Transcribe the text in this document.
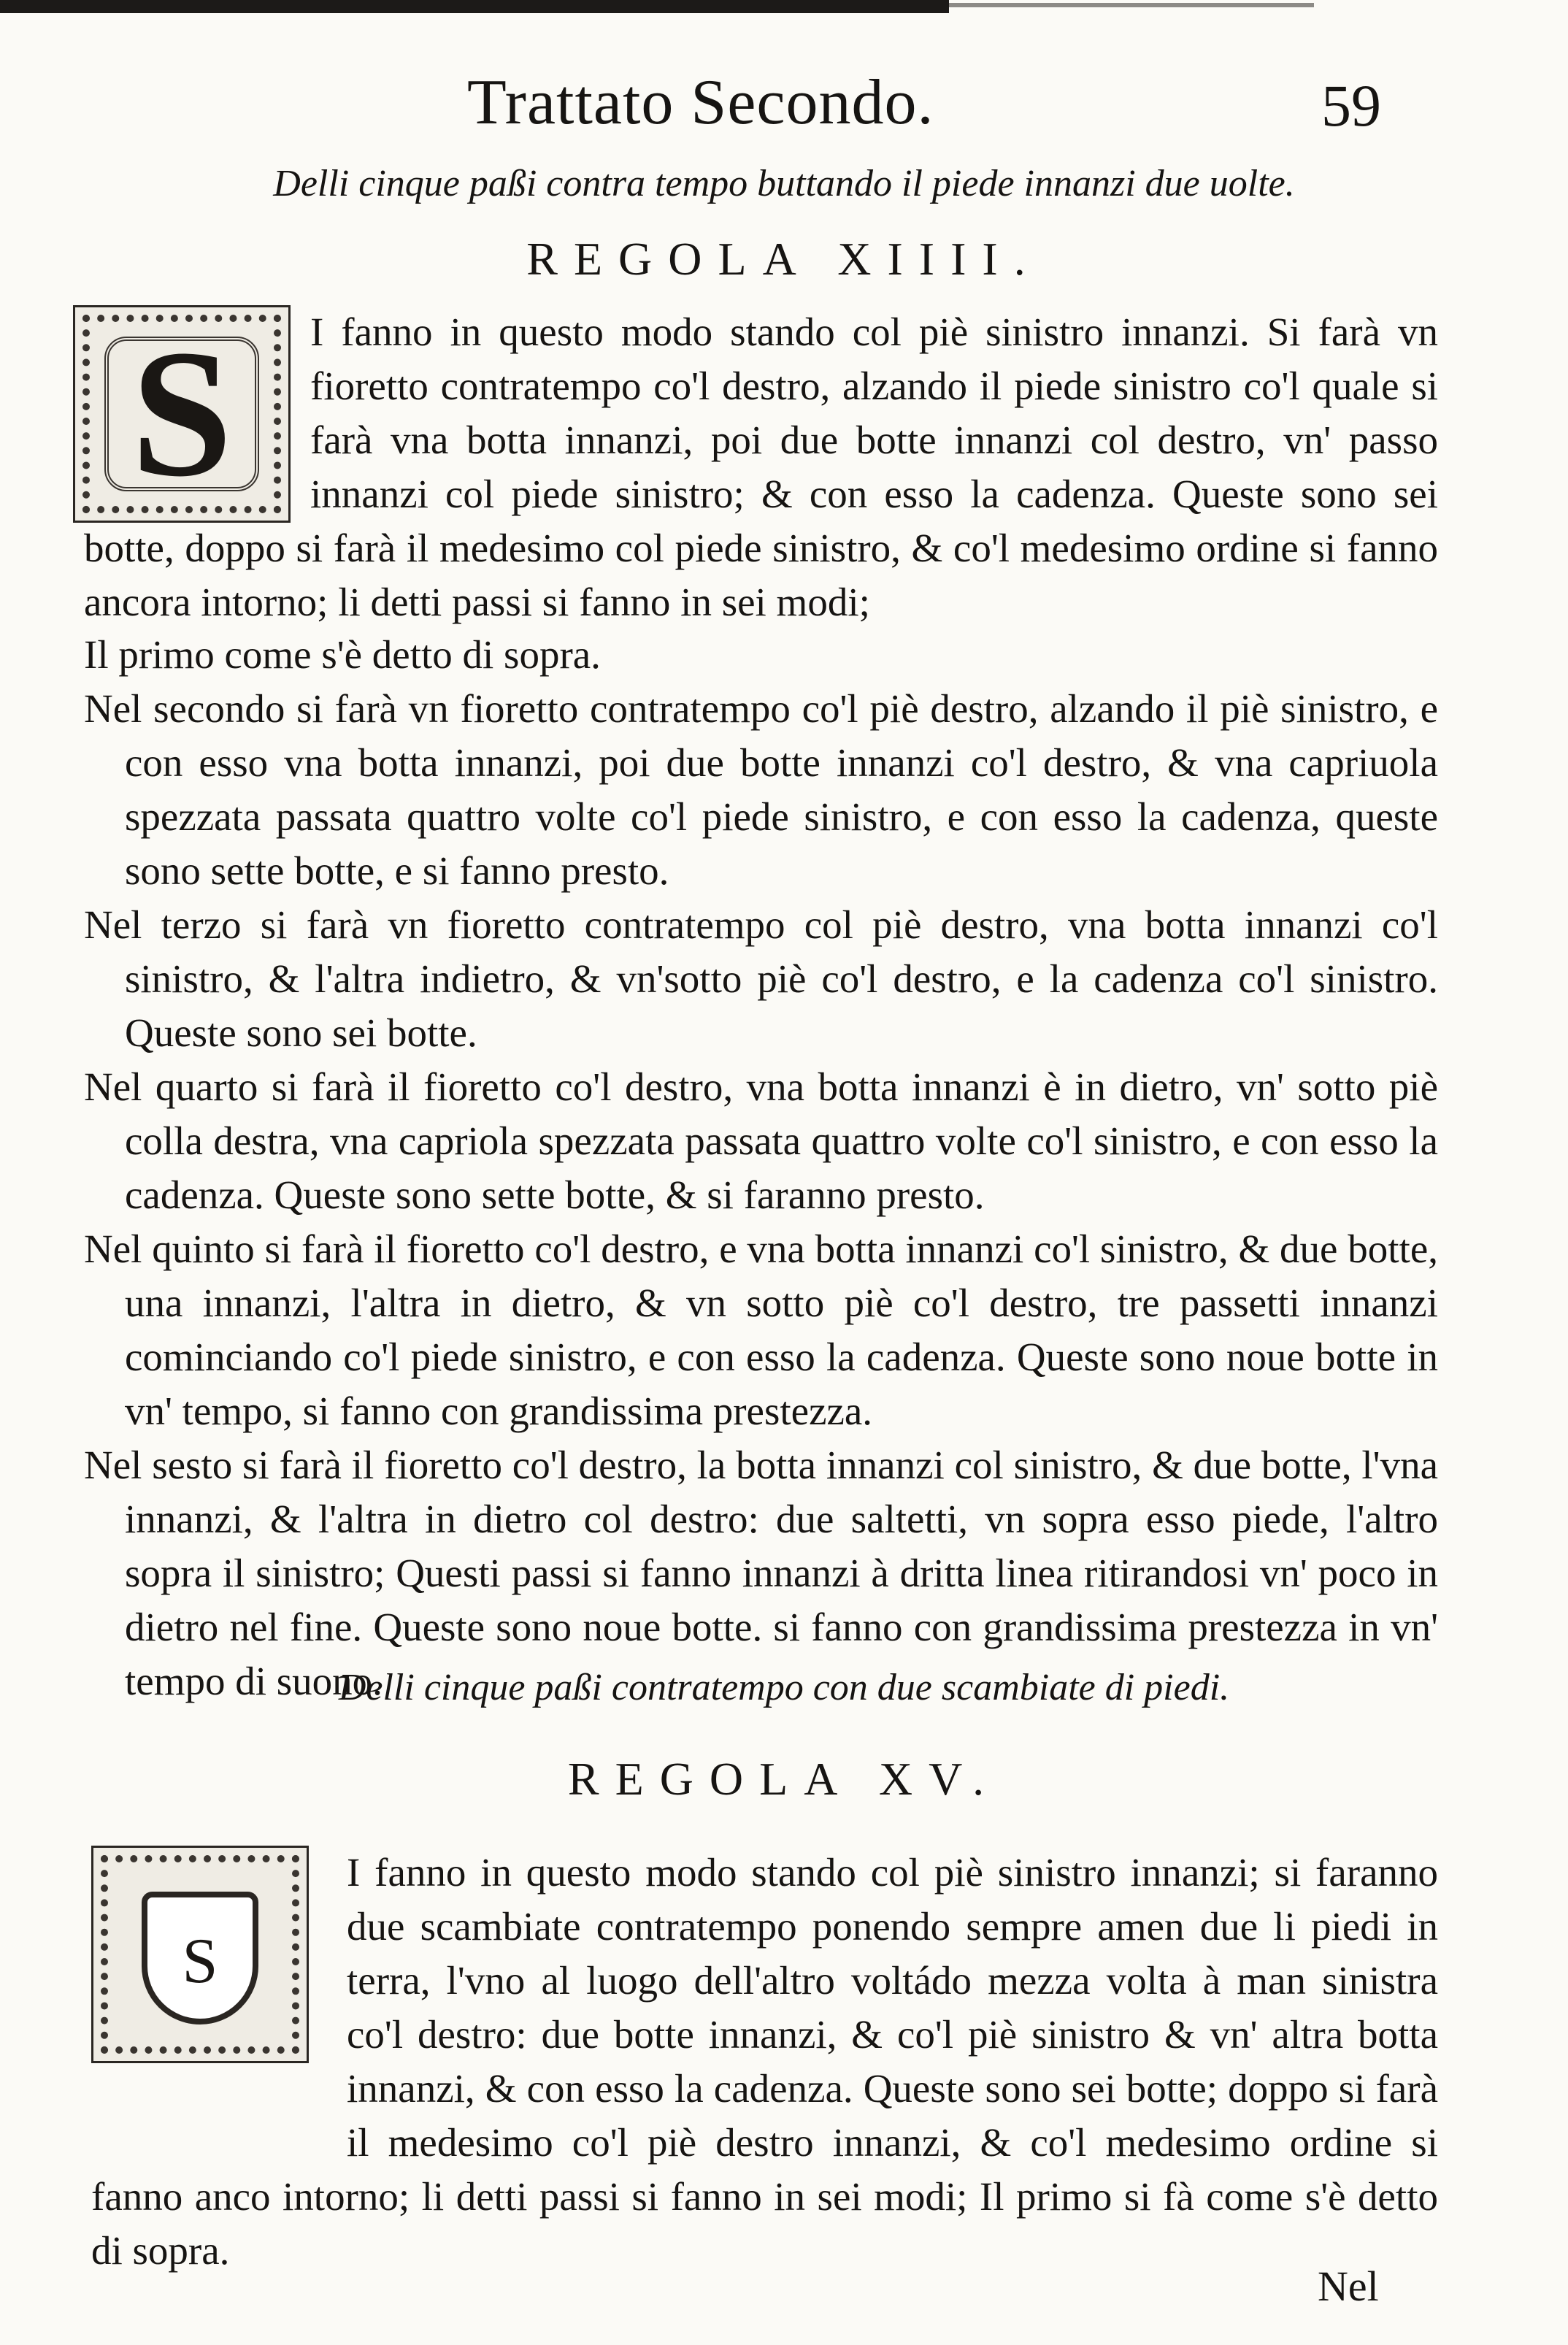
Trattato Secondo.	59
Delli cinque paßi contra tempo buttando il piede innanzi due uolte.
REGOLA XIIII.
S	I fanno in questo modo stando col piè sinistro innanzi. Si farà vn fioretto contratempo co'l destro, alzando il piede sinistro co'l quale si farà vna botta innanzi, poi due botte innanzi col destro, vn' passo innanzi col piede sinistro; & con esso la cadenza. Queste sono sei botte, doppo si farà il medesimo col piede sinistro, & co'l medesimo ordine si fanno ancora intorno; li detti passi si fanno in sei modi;

Il primo come s'è detto di sopra.

Nel secondo si farà vn fioretto contratempo co'l piè destro, alzando il piè sinistro, e con esso vna botta innanzi, poi due botte innanzi co'l destro, & vna capriuola spezzata passata quattro volte co'l piede sinistro, e con esso la cadenza, queste sono sette botte, e si fanno presto.

Nel terzo si farà vn fioretto contratempo col piè destro, vna botta innanzi co'l sinistro, & l'altra indietro, & vn'sotto piè co'l destro, e la cadenza co'l sinistro. Queste sono sei botte.

Nel quarto si farà il fioretto co'l destro, vna botta innanzi è in dietro, vn' sotto piè colla destra, vna capriola spezzata passata quattro volte co'l sinistro, e con esso la cadenza. Queste sono sette botte, & si faranno presto.

Nel quinto si farà il fioretto co'l destro, e vna botta innanzi co'l sinistro, & due botte, una innanzi, l'altra in dietro, & vn sotto piè co'l destro, tre passetti innanzi cominciando co'l piede sinistro, e con esso la cadenza. Queste sono noue botte in vn' tempo, si fanno con grandissima prestezza.

Nel sesto si farà il fioretto co'l destro, la botta innanzi col sinistro, & due botte, l'vna innanzi, & l'altra in dietro col destro: due saltetti, vn sopra esso piede, l'altro sopra il sinistro; Questi passi si fanno innanzi à dritta linea ritirandosi vn' poco in dietro nel fine. Queste sono noue botte. si fanno con grandissima prestezza in vn' tempo di suono.

Delli cinque paßi contratempo con due scambiate di piedi.
REGOLA XV.
S

I fanno in questo modo stando col piè sinistro innanzi; si faranno due scambiate contratempo ponendo sempre amen due li piedi in terra, l'vno al luogo dell'altro voltádo mezza volta à man sinistra co'l destro: due botte innanzi, & co'l piè sinistro & vn' altra botta innanzi, & con esso la cadenza. Queste sono sei botte; doppo si farà il medesimo co'l piè destro innanzi, & co'l medesimo ordine si fanno anco intorno; li detti passi si fanno in sei modi; Il primo si fà come s'è detto di sopra.

Nel
